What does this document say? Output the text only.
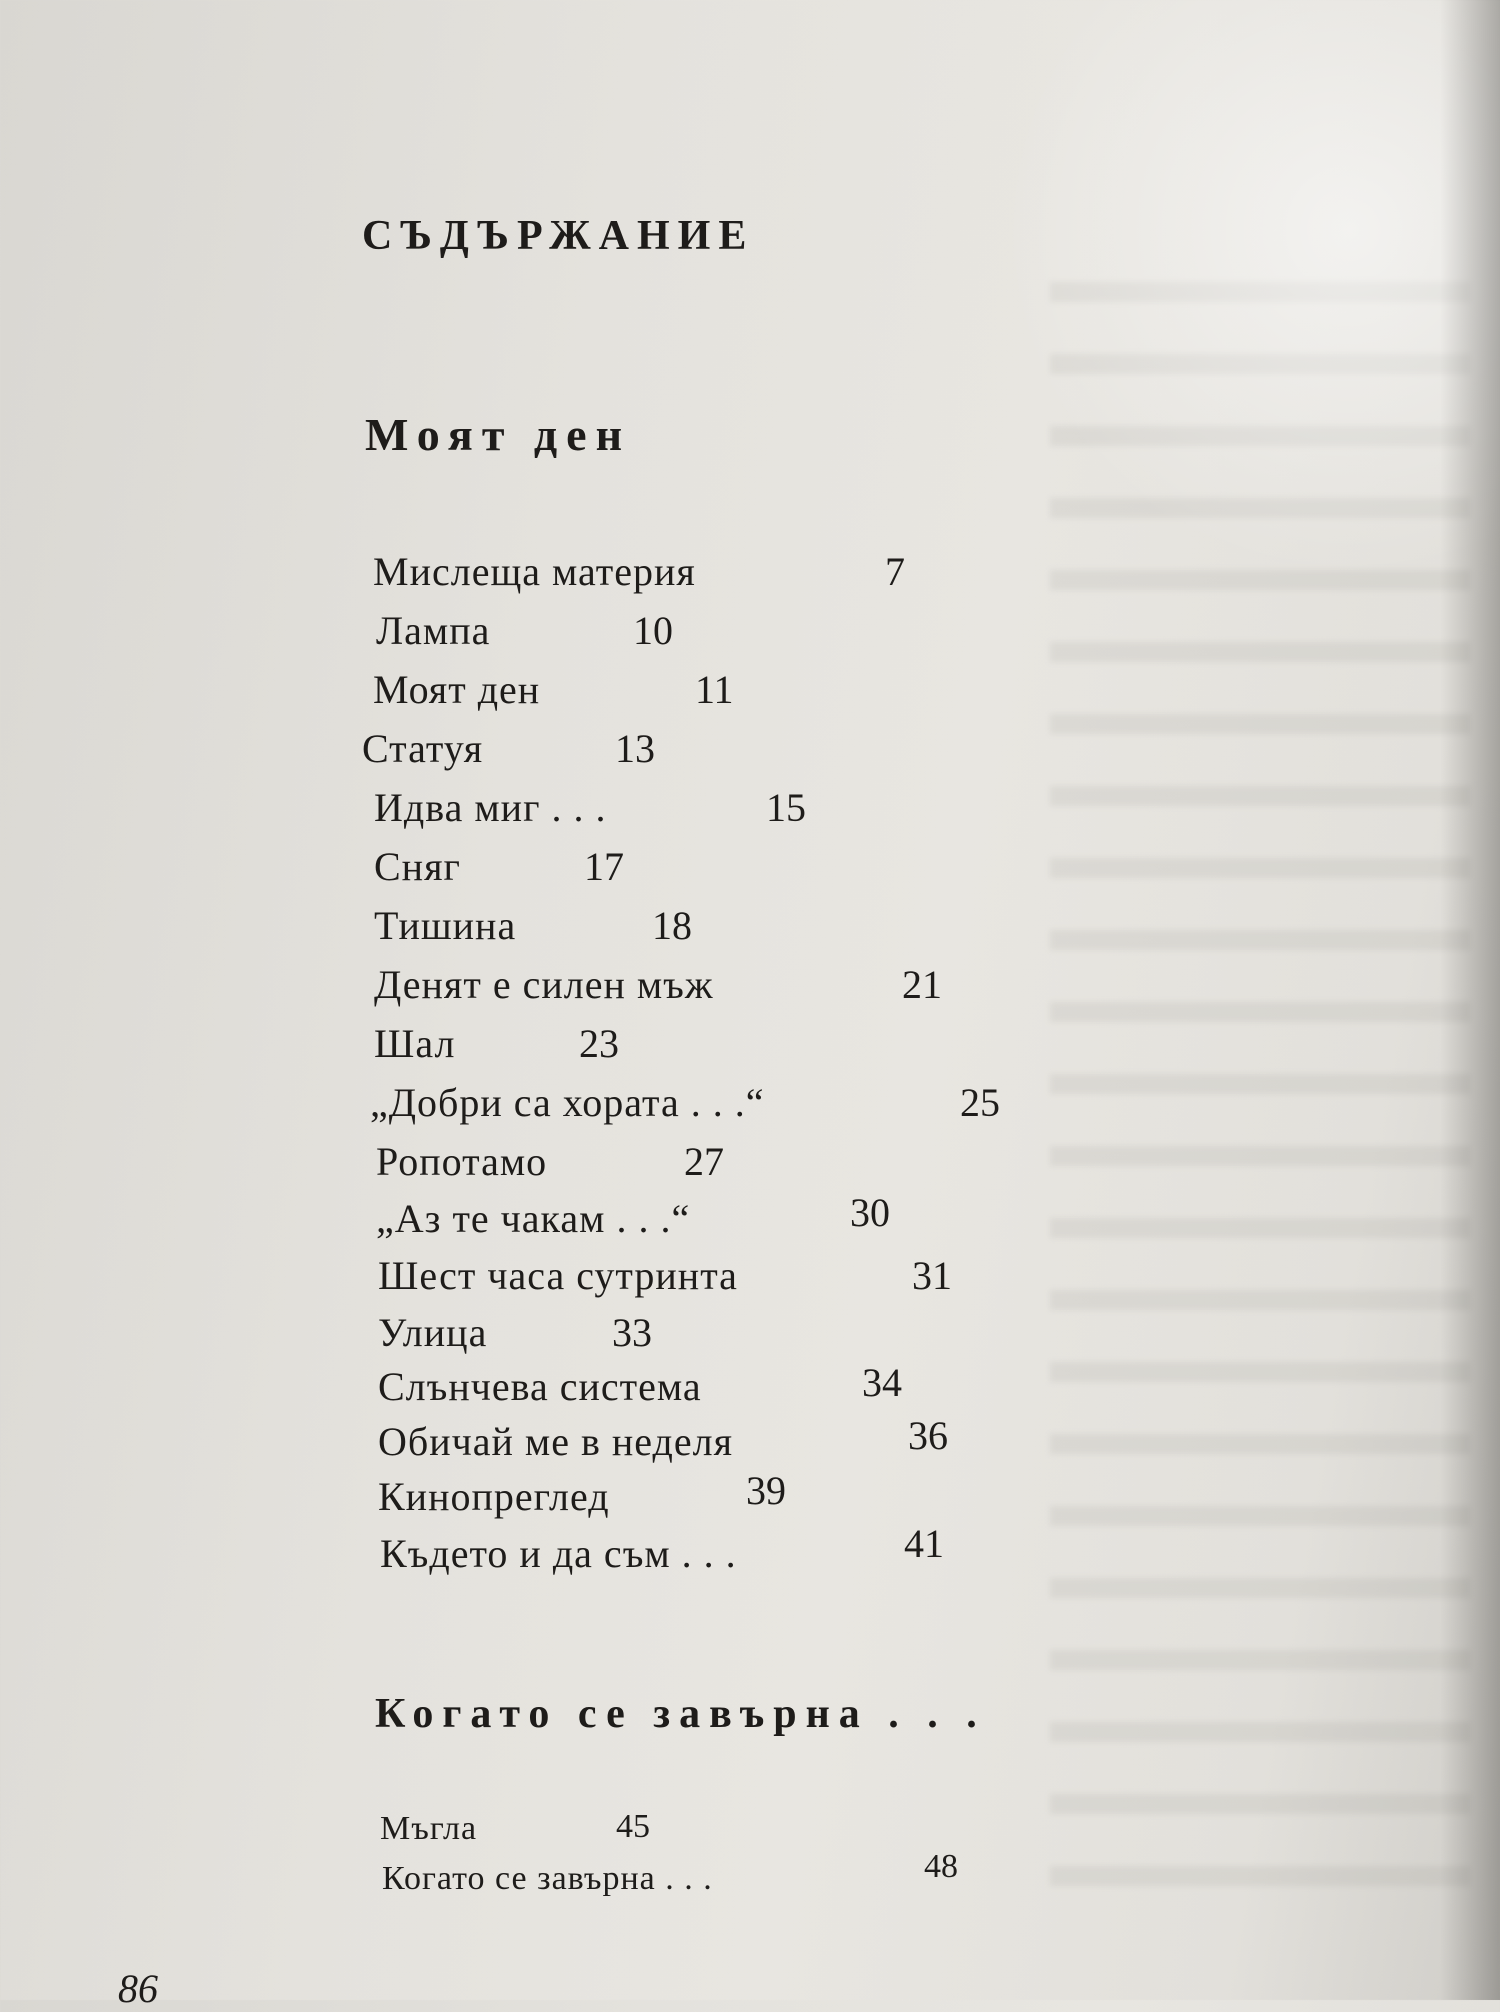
СЪДЪРЖАНИЕ
Моят ден
Мислеща материя	7
Лампа	10
Моят ден	11
Статуя	13
Идва миг . . .	15
Сняг	17
Тишина	18
Денят е силен мъж	21
Шал	23
„Добри са хората . . .“	25
Ропотамо	27
„Аз те чакам . . .“	30
Шест часа сутринта	31
Улица	33
Слънчева система	34
Обичай ме в неделя	36
Кинопреглед	39
Където и да съм . . .	41
Когато се завърна . . .
Мъгла	45
Когато се завърна . . .	48
86
